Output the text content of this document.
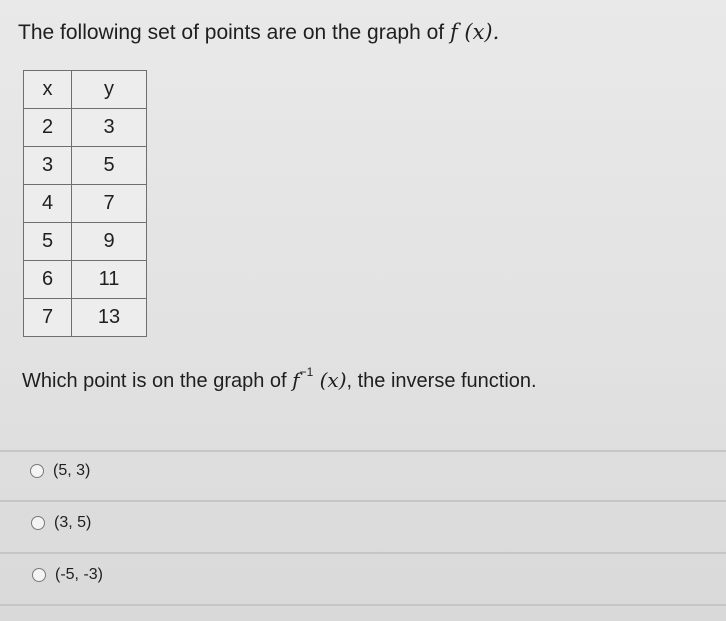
The following set of points are on the graph of f (x).
x	y
2	3
3	5
4	7
5	9
6	11
7	13
Which point is on the graph of $f^{-1}$ (x), the inverse function.
(5, 3)
(3, 5)
(-5, -3)
